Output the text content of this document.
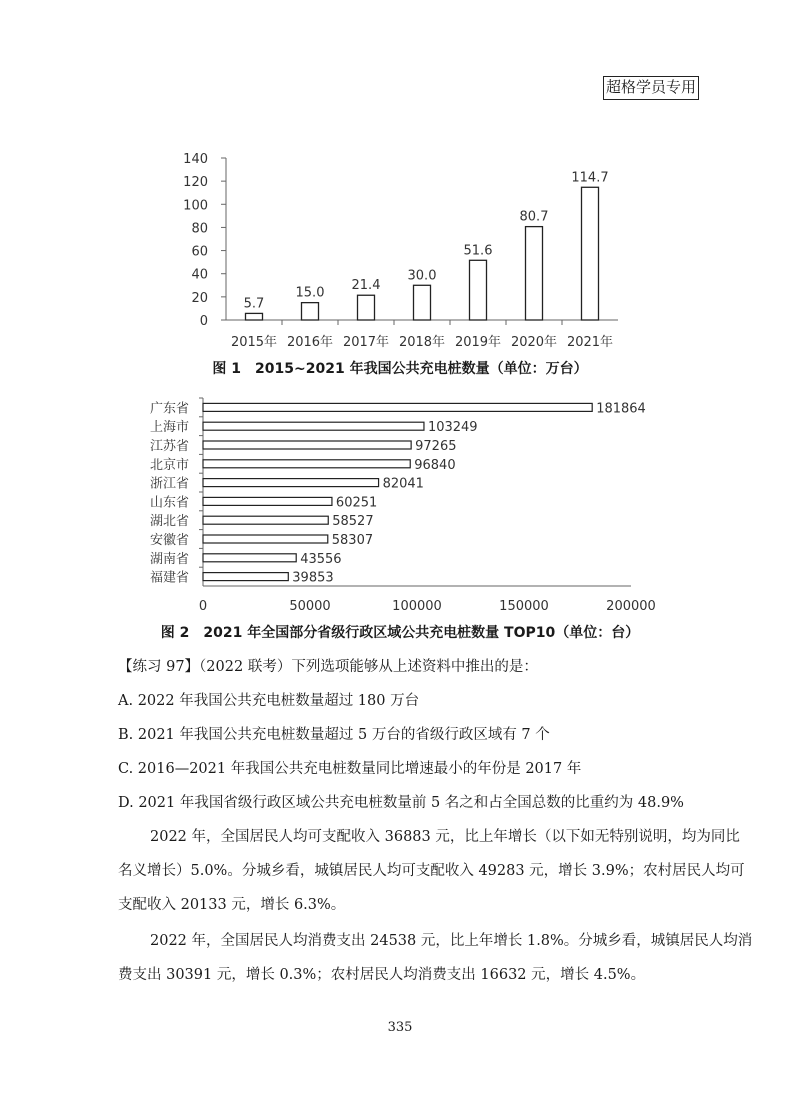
超格学员专用
0
20
40
60
80
100
120
140
5.7
2015年
15.0
2016年
21.4
2017年
30.0
2018年
51.6
2019年
80.7
2020年
114.7
2021年
图 1　2015~2021 年我国公共充电桩数量（单位：万台）
0	50000	100000	150000	200000
181864
广东省
103249
上海市
97265
江苏省
96840
北京市
82041
浙江省
60251
山东省
58527
湖北省
58307
安徽省
43556
湖南省
39853
福建省
图 2　2021 年全国部分省级行政区域公共充电桩数量 TOP10（单位：台）
【练习 97】（2022 联考）下列选项能够从上述资料中推出的是：
A. 2022 年我国公共充电桩数量超过 180 万台
B. 2021 年我国公共充电桩数量超过 5 万台的省级行政区域有 7 个
C. 2016—2021 年我国公共充电桩数量同比增速最小的年份是 2017 年
D. 2021 年我国省级行政区域公共充电桩数量前 5 名之和占全国总数的比重约为 48.9%
2022 年，全国居民人均可支配收入 36883 元，比上年增长（以下如无特别说明，均为同比
名义增长）5.0%。分城乡看，城镇居民人均可支配收入 49283 元，增长 3.9%；农村居民人均可
支配收入 20133 元，增长 6.3%。
2022 年，全国居民人均消费支出 24538 元，比上年增长 1.8%。分城乡看，城镇居民人均消
费支出 30391 元，增长 0.3%；农村居民人均消费支出 16632 元，增长 4.5%。
335
